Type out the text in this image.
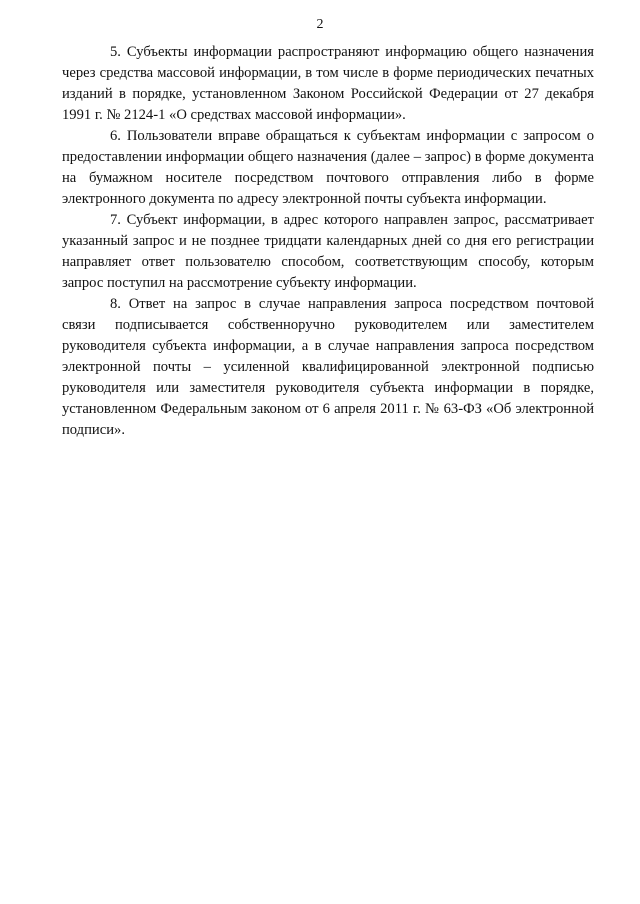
2

5. Субъекты информации распространяют информацию общего назначения через средства массовой информации, в том числе в форме периодических печатных изданий в порядке, установленном Законом Российской Федерации от 27 декабря 1991 г. № 2124-1 «О средствах массовой информации».

6. Пользователи вправе обращаться к субъектам информации с запросом о предоставлении информации общего назначения (далее – запрос) в форме документа на бумажном носителе посредством почтового отправления либо в форме электронного документа по адресу электронной почты субъекта информации.

7. Субъект информации, в адрес которого направлен запрос, рассматривает указанный запрос и не позднее тридцати календарных дней со дня его регистрации направляет ответ пользователю способом, соответствующим способу, которым запрос поступил на рассмотрение субъекту информации.

8. Ответ на запрос в случае направления запроса посредством почтовой связи подписывается собственноручно руководителем или заместителем руководителя субъекта информации, а в случае направления запроса посредством электронной почты – усиленной квалифицированной электронной подписью руководителя или заместителя руководителя субъекта информации в порядке, установленном Федеральным законом от 6 апреля 2011 г. № 63-ФЗ «Об электронной подписи».
